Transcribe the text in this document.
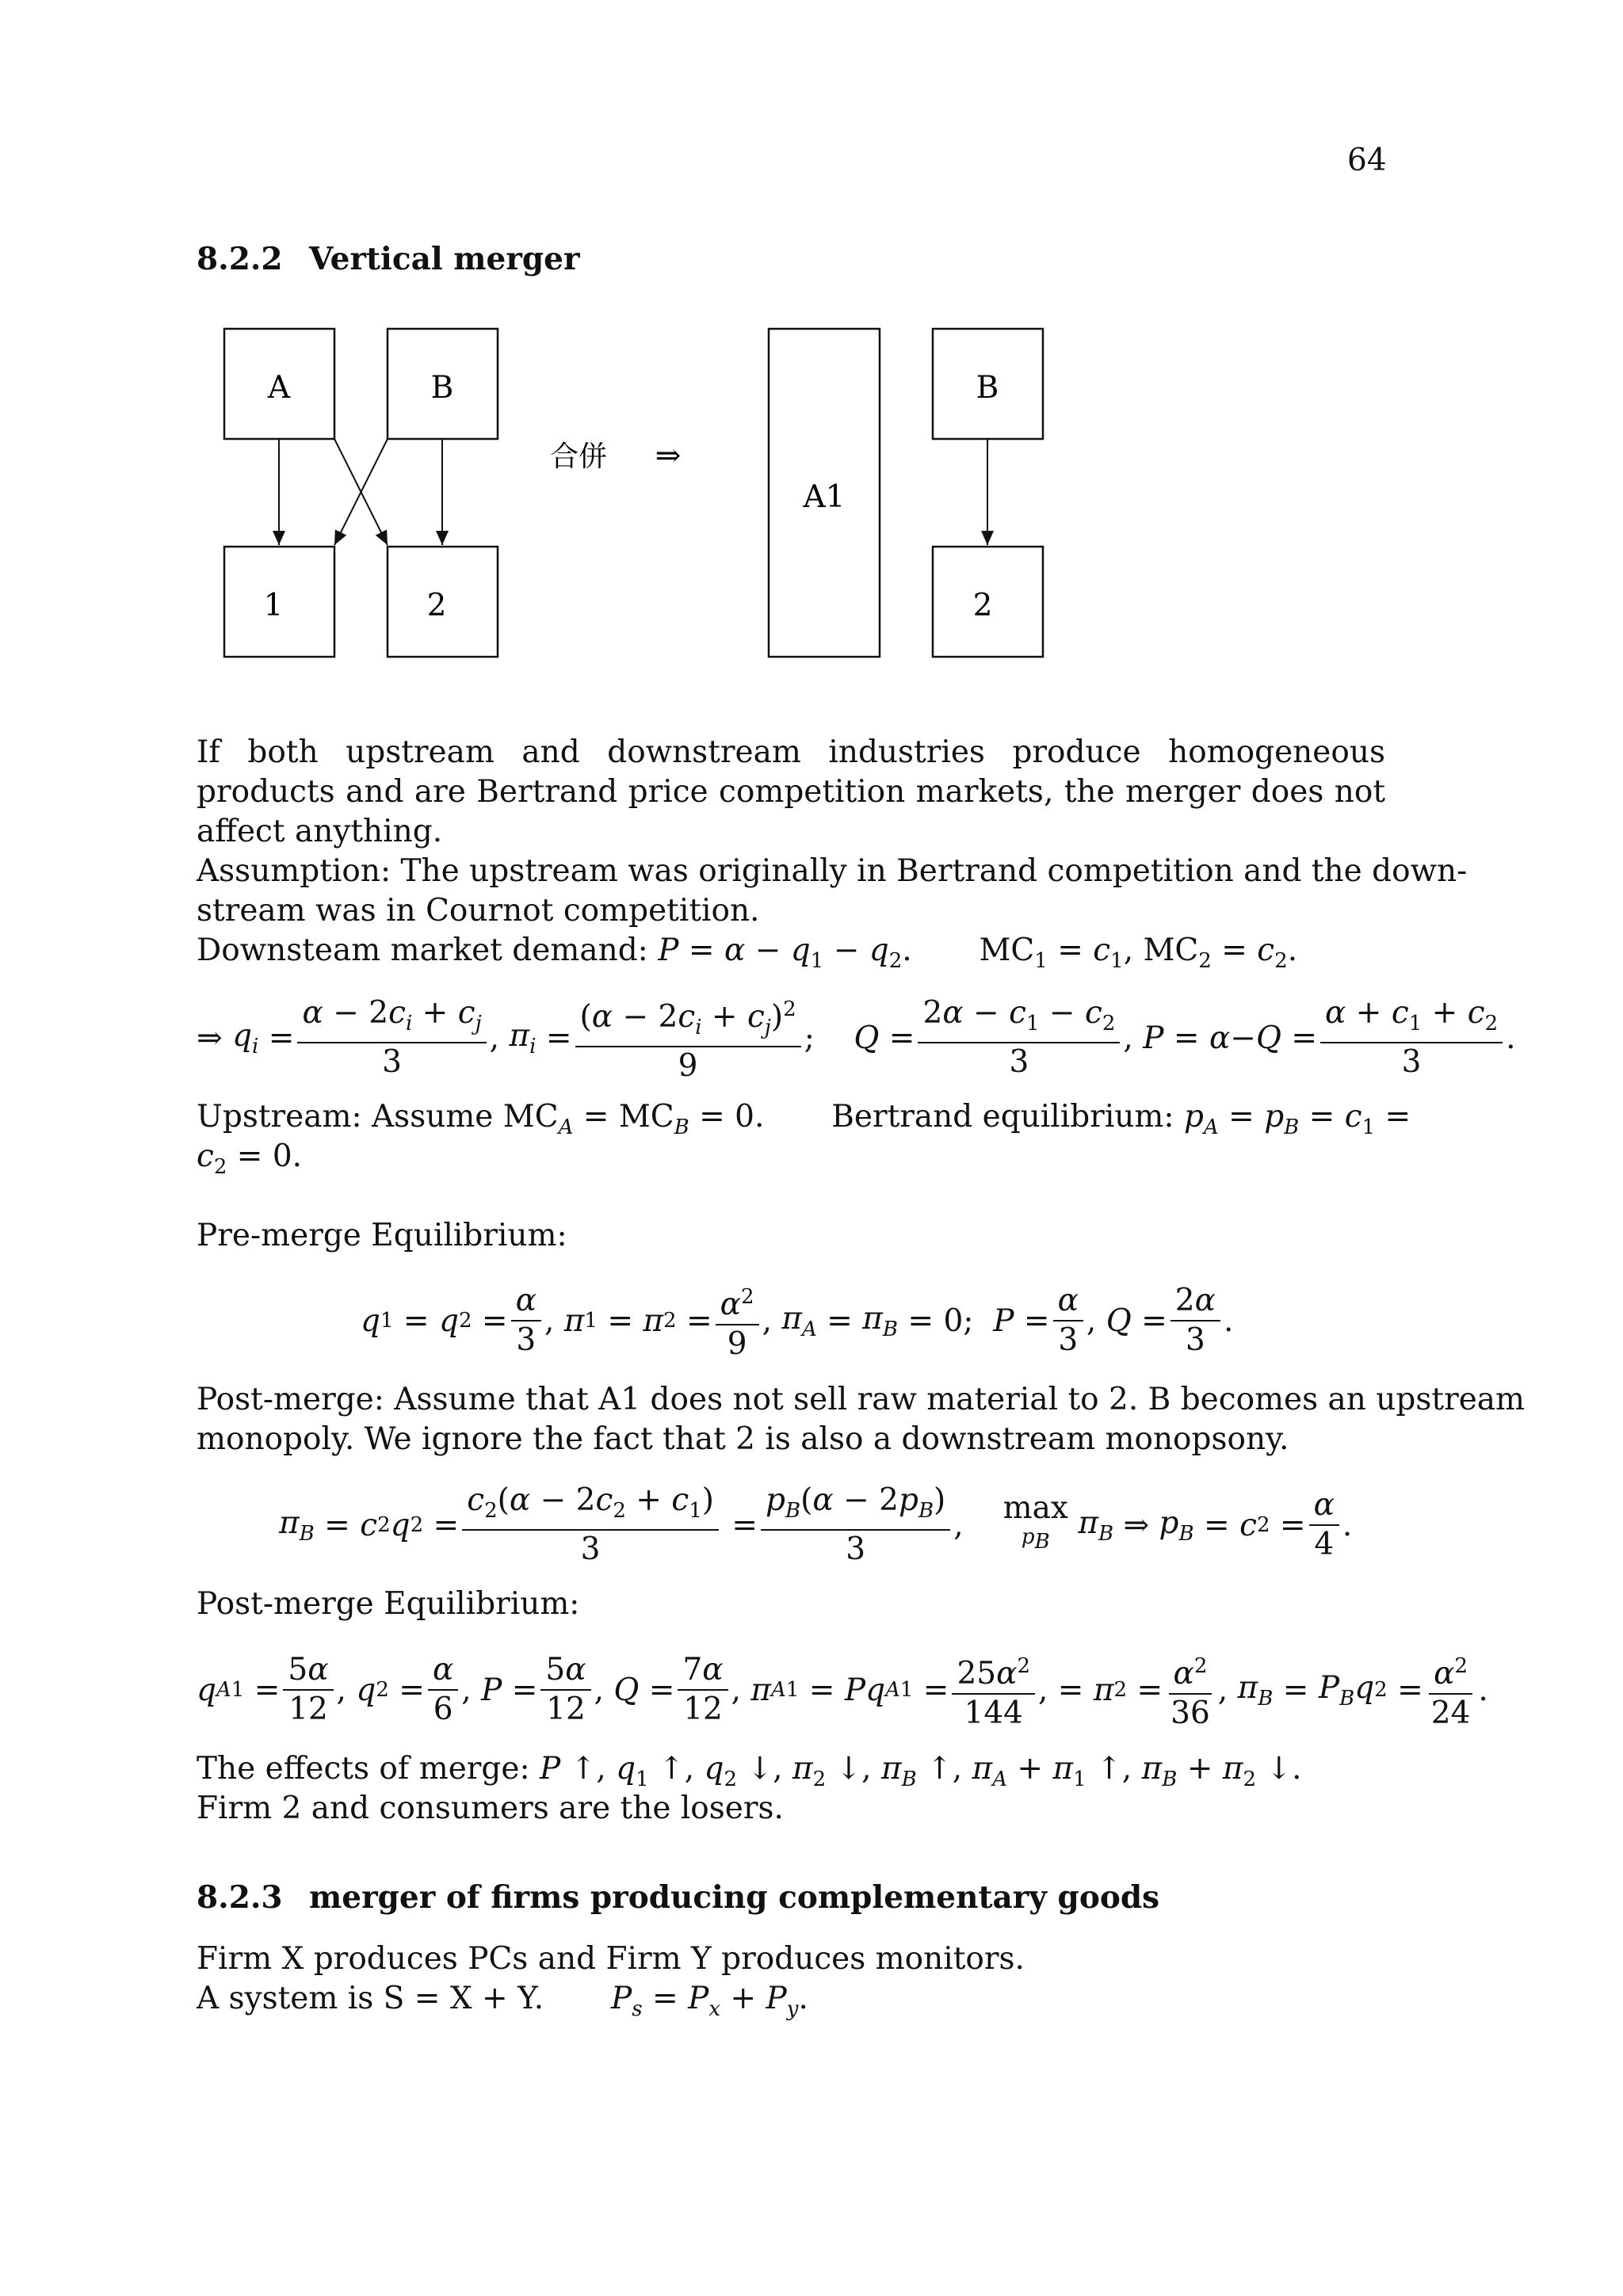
64
8.2.2 Vertical merger
A	B
1	2
合併 ⇒
A1
B
2
If both upstream and downstream industries produce homogeneous products and are Bertrand price competition markets, the merger does not affect anything.
Assumption: The upstream was originally in Bertrand competition and the down-
stream was in Cournot competition.
Downsteam market demand: $P = \alpha - q_1 - q_2$.  $MC_1 = c_1$, $MC_2 = c_2$.
⇒ $q_i = \frac{\alpha - 2c_i + c_j}{3}$ , $\pi_i = \frac{(\alpha - 2c_i + c_j)^2}{9}$ ; $Q = \frac{2\alpha - c_1 - c_2}{3}$ , $P = \alpha - Q = \frac{\alpha + c_1 + c_2}{3}$ .
Upstream: Assume $MC_A = MC_B = 0$.  Bertrand equilibrium: $p_A = p_B = c_1$ =
$c_2 = 0$.
Pre-merge Equilibrium:
q 1 = q $2 = \frac{\alpha}{3}$ , π 1 = π $2 = \frac{\alpha^2}{9}$ , $\pi_A = \pi_B = 0$; $P = \frac{\alpha}{3}$ , $Q = \frac{2\alpha}{3}$ .
Post-merge: Assume that A1 does not sell raw material to 2. B becomes an upstream
monopoly. We ignore the fact that 2 is also a downstream monopsony.
$\pi_B = c$ 2 q $2 = \frac{c_2(\alpha - 2c_2 + c_1)}{3} = \frac{p_B(\alpha - 2p_B)}{3}$ , max
$p_B$

$\pi_B$ ⇒ $p_B = c$ $2 = \frac{\alpha}{4}$ .
Post-merge Equilibrium:
q A $1 = \frac{5\alpha}{12}$ , q $2 = \frac{\alpha}{6}$ , $P = \frac{5\alpha}{12}$ , $Q = \frac{7\alpha}{12}$ , π A 1 = Pq A $1 = \frac{25\alpha^2}{144}$ , = π $2 = \frac{\alpha^2}{36}$ , $\pi_B = P_Bq$ $2 = \frac{\alpha^2}{24}$ .
The effects of merge: P ↑, $q_1$ ↑, $q_2$ ↓, $\pi_2$ ↓, $\pi_B$ ↑, $\pi_A + \pi_1$ ↑, $\pi_B + \pi_2$ ↓.
Firm 2 and consumers are the losers.
8.2.3 merger of firms producing complementary goods
Firm X produces PCs and Firm Y produces monitors.
A system is S = X + Y. $P_s = P_x + P_y$.
